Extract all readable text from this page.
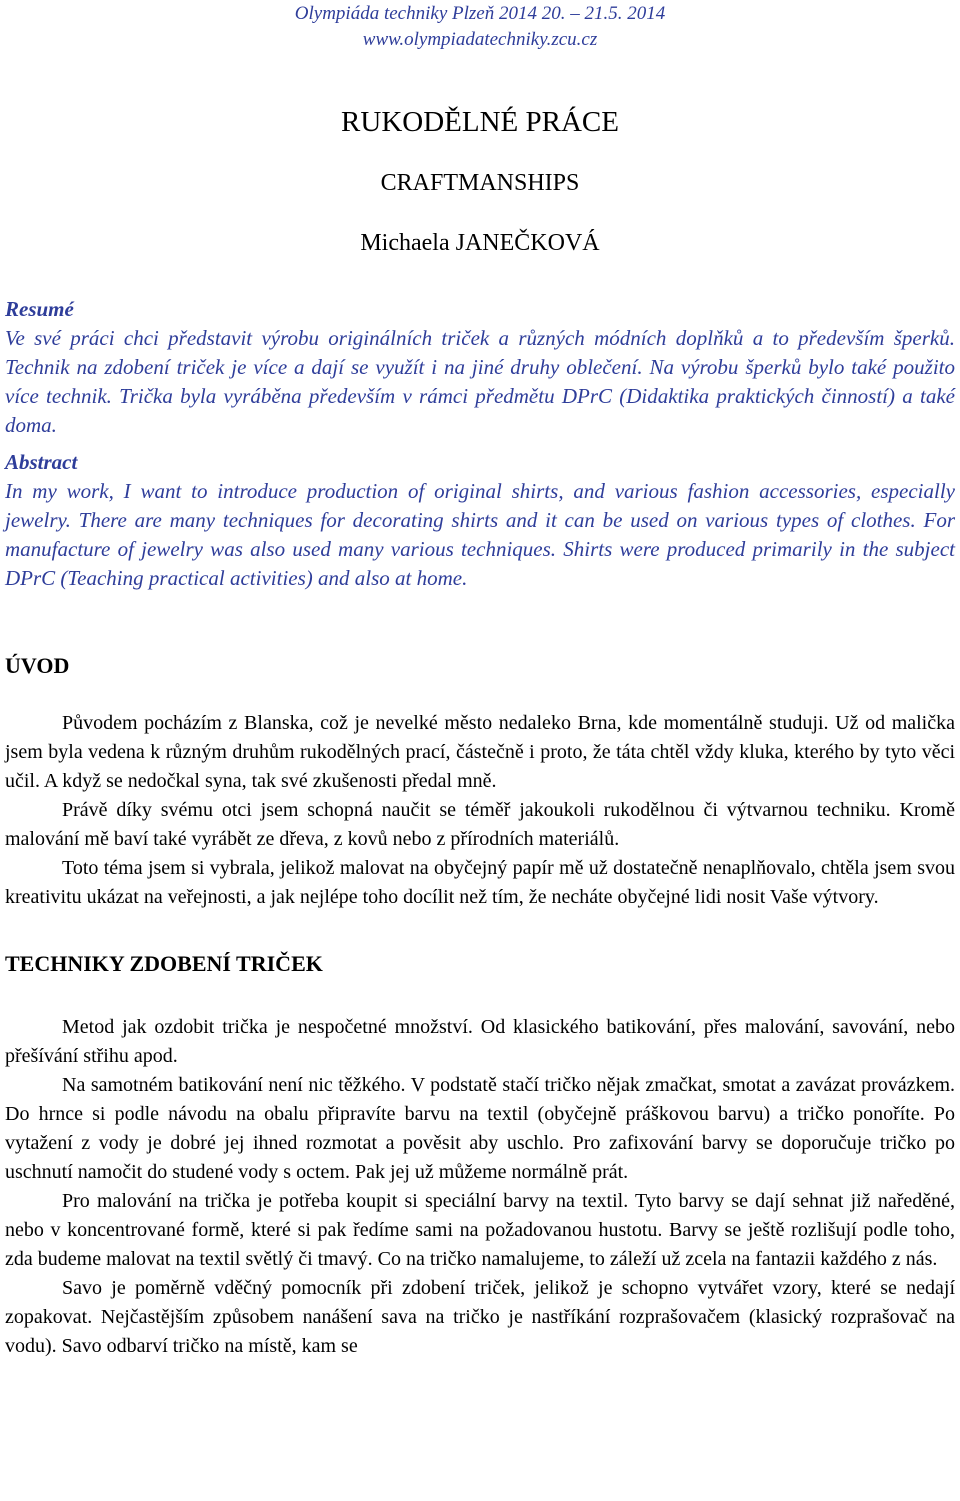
Olympiáda techniky Plzeň 2014 20. – 21.5. 2014
www.olympiadatechniky.zcu.cz
RUKODĚLNÉ PRÁCE
CRAFTMANSHIPS
Michaela JANEČKOVÁ
Resumé

Ve své práci chci představit výrobu originálních triček a různých módních doplňků a to především šperků. Technik na zdobení triček je více a dají se využít i na jiné druhy oblečení. Na výrobu šperků bylo také použito více technik. Trička byla vyráběna především v rámci předmětu DPrC (Didaktika praktických činností) a také doma.

Abstract

In my work, I want to introduce production of original shirts, and various fashion accessories, especially jewelry. There are many techniques for decorating shirts and it can be used on various types of clothes. For manufacture of jewelry was also used many various techniques. Shirts were produced primarily in the subject DPrC (Teaching practical activities) and also at home.

ÚVOD

Původem pocházím z Blanska, což je nevelké město nedaleko Brna, kde momentálně studuji. Už od malička jsem byla vedena k různým druhům rukodělných prací, částečně i proto, že táta chtěl vždy kluka, kterého by tyto věci učil. A když se nedočkal syna, tak své zkušenosti předal mně.

Právě díky svému otci jsem schopná naučit se téměř jakoukoli rukodělnou či výtvarnou techniku. Kromě malování mě baví také vyrábět ze dřeva, z kovů nebo z přírodních materiálů.

Toto téma jsem si vybrala, jelikož malovat na obyčejný papír mě už dostatečně nenaplňovalo, chtěla jsem svou kreativitu ukázat na veřejnosti, a jak nejlépe toho docílit než tím, že necháte obyčejné lidi nosit Vaše výtvory.

TECHNIKY ZDOBENÍ TRIČEK

Metod jak ozdobit trička je nespočetné množství. Od klasického batikování, přes malování, savování, nebo přešívání střihu apod.

Na samotném batikování není nic těžkého. V podstatě stačí tričko nějak zmačkat, smotat a zavázat provázkem. Do hrnce si podle návodu na obalu připravíte barvu na textil (obyčejně práškovou barvu) a tričko ponoříte. Po vytažení z vody je dobré jej ihned rozmotat a pověsit aby uschlo. Pro zafixování barvy se doporučuje tričko po uschnutí namočit do studené vody s octem. Pak jej už můžeme normálně prát.

Pro malování na trička je potřeba koupit si speciální barvy na textil. Tyto barvy se dají sehnat již naředěné, nebo v koncentrované formě, které si pak ředíme sami na požadovanou hustotu. Barvy se ještě rozlišují podle toho, zda budeme malovat na textil světlý či tmavý. Co na tričko namalujeme, to záleží už zcela na fantazii každého z nás.

Savo je poměrně vděčný pomocník při zdobení triček, jelikož je schopno vytvářet vzory, které se nedají zopakovat. Nejčastějším způsobem nanášení sava na tričko je nastříkání rozprašovačem (klasický rozprašovač na vodu). Savo odbarví tričko na místě, kam se
